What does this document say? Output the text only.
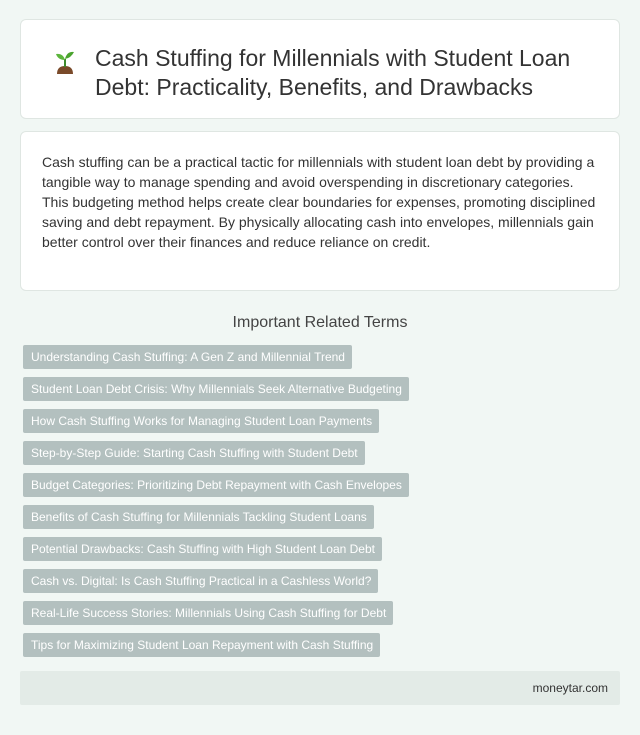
Cash Stuffing for Millennials with Student Loan Debt: Practicality, Benefits, and Drawbacks

Cash stuffing can be a practical tactic for millennials with student loan debt by providing a tangible way to manage spending and avoid overspending in discretionary categories. This budgeting method helps create clear boundaries for expenses, promoting disciplined saving and debt repayment. By physically allocating cash into envelopes, millennials gain better control over their finances and reduce reliance on credit.

Important Related Terms
Understanding Cash Stuffing: A Gen Z and Millennial Trend
Student Loan Debt Crisis: Why Millennials Seek Alternative Budgeting
How Cash Stuffing Works for Managing Student Loan Payments
Step-by-Step Guide: Starting Cash Stuffing with Student Debt
Budget Categories: Prioritizing Debt Repayment with Cash Envelopes
Benefits of Cash Stuffing for Millennials Tackling Student Loans
Potential Drawbacks: Cash Stuffing with High Student Loan Debt
Cash vs. Digital: Is Cash Stuffing Practical in a Cashless World?
Real-Life Success Stories: Millennials Using Cash Stuffing for Debt
Tips for Maximizing Student Loan Repayment with Cash Stuffing
moneytar.com
